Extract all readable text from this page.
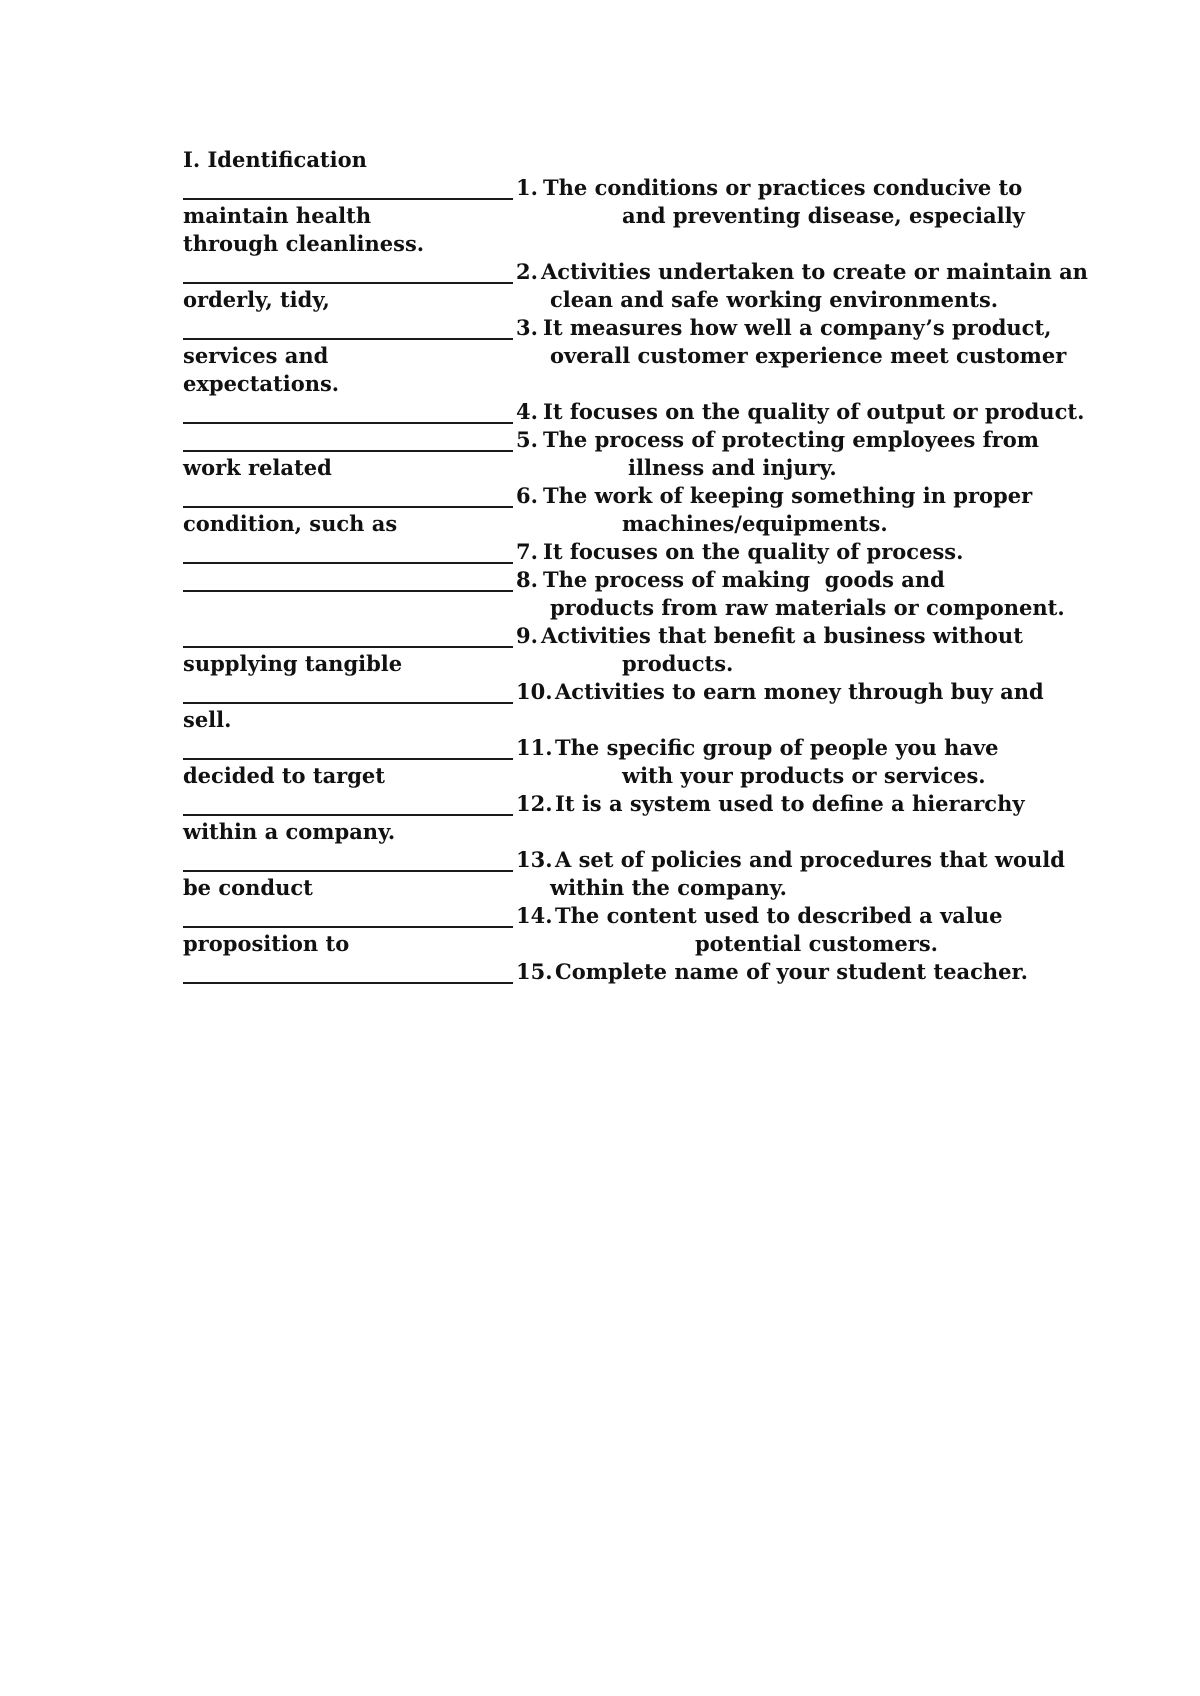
I. Identification
1. The conditions or practices conducive to
maintain health	and preventing disease, especially
through cleanliness.
2. Activities undertaken to create or maintain an
orderly, tidy,	clean and safe working environments.
3. It measures how well a company’s product,
services and	overall customer experience meet customer
expectations.
4. It focuses on the quality of output or product.
5. The process of protecting employees from
work related	illness and injury.
6. The work of keeping something in proper
condition, such as	machines/equipments.
7. It focuses on the quality of process.
8. The process of making  goods and
products from raw materials or component.
9. Activities that benefit a business without
supplying tangible	products.
10. Activities to earn money through buy and
sell.
11. The specific group of people you have
decided to target	with your products or services.
12. It is a system used to define a hierarchy
within a company.
13. A set of policies and procedures that would
be conduct	within the company.
14. The content used to described a value
proposition to	potential customers.
15. Complete name of your student teacher.
